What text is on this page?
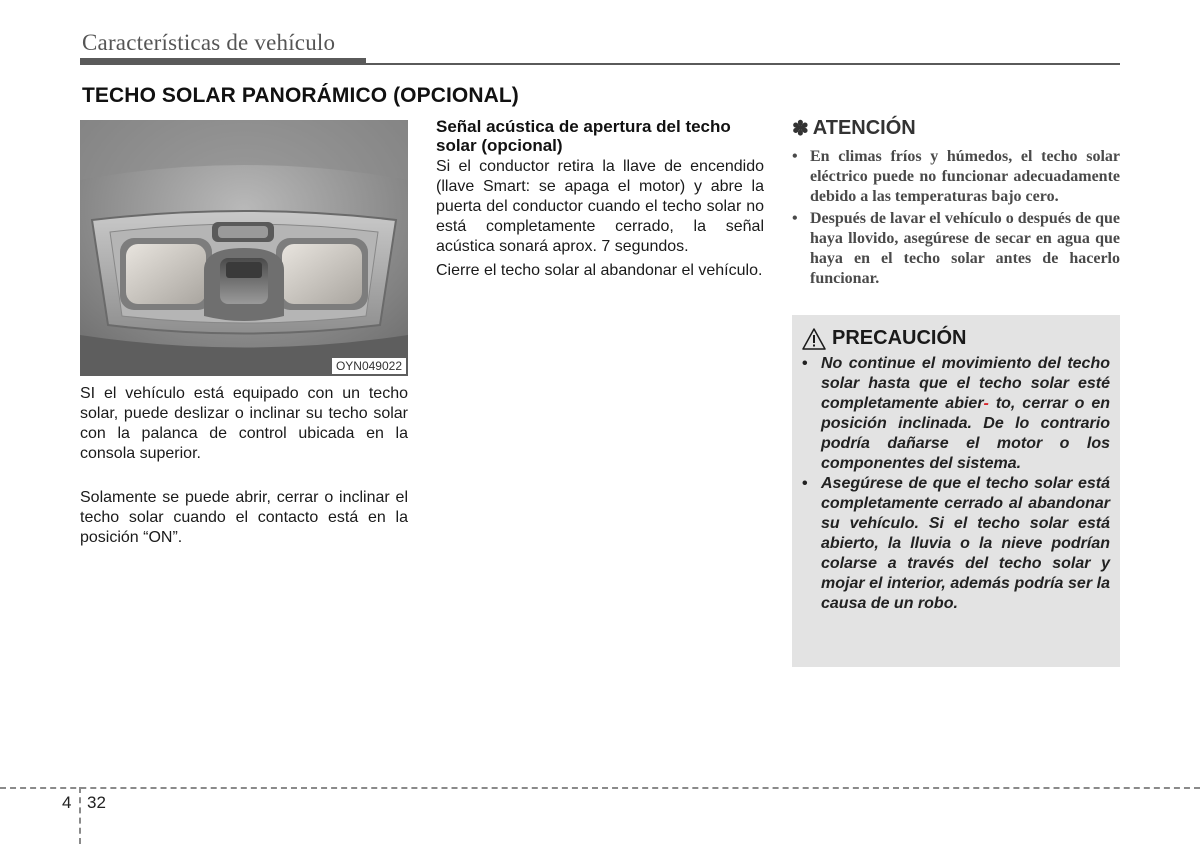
Características de vehículo
TECHO SOLAR PANORÁMICO (OPCIONAL)
OYN049022
SI el vehículo está equipado con un techo solar, puede deslizar o inclinar su techo solar con la palanca de control ubicada en la consola superior.
Solamente se puede abrir, cerrar o inclinar el techo solar cuando el contacto está en la posición “ON”.
Señal acústica de apertura del techo solar (opcional)

Si el conductor retira la llave de encendido (llave Smart: se apaga el motor) y abre la puerta del conductor cuando el techo solar no está completamente cerrado, la señal acústica sonará aprox. 7 segundos.

Cierre el techo solar al abandonar el vehículo.

✽ ATENCIÓN
• En climas fríos y húmedos, el techo solar eléctrico puede no funcionar adecuadamente debido a las temperaturas bajo cero.
• Después de lavar el vehículo o después de que haya llovido, asegúrese de secar en agua que haya en el techo solar antes de hacerlo funcionar.
PRECAUCIÓN
• No continue el movimiento del techo solar hasta que el techo solar esté completamente abier- to, cerrar o en posición inclinada. De lo contrario podría dañarse el motor o los componentes del sistema.
• Asegúrese de que el techo solar está completamente cerrado al abandonar su vehículo. Si el techo solar está abierto, la lluvia o la nieve podrían colarse a través del techo solar y mojar el interior, además podría ser la causa de un robo.
4 32
